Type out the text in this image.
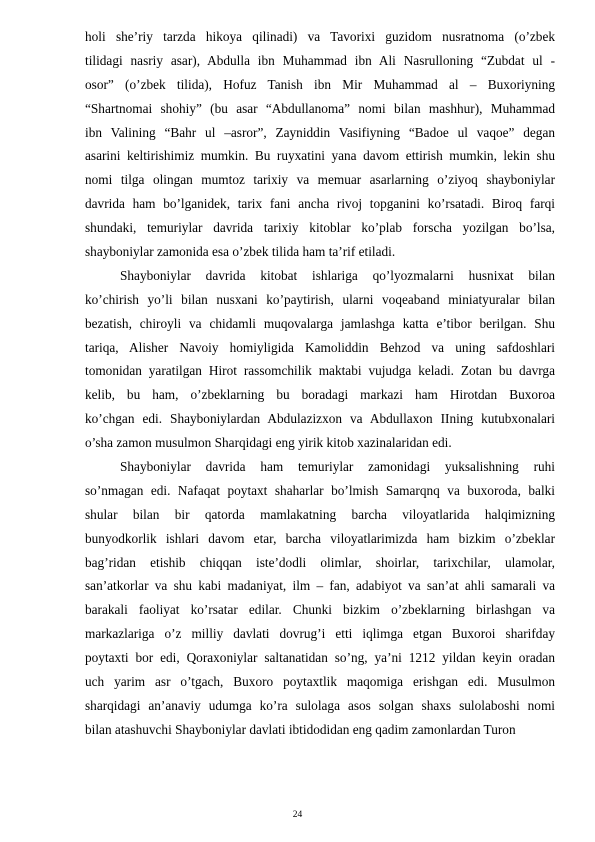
holi she’riy tarzda hikoya qilinadi) va Tavorixi guzidom nusratnoma (o’zbek
tilidagi nasriy asar), Abdulla ibn Muhammad ibn Ali Nasrulloning “Zubdat ul -
osor” (o’zbek tilida), Hofuz Tanish ibn Mir Muhammad al – Buxoriyning
“Shartnomai shohiy” (bu asar “Abdullanoma” nomi bilan mashhur), Muhammad
ibn Valining “Bahr ul –asror”, Zayniddin Vasifiyning “Badoe ul vaqoe” degan
asarini keltirishimiz mumkin. Bu ruyxatini yana davom ettirish mumkin, lekin shu
nomi tilga olingan mumtoz tarixiy va memuar asarlarning o’ziyoq shayboniylar
davrida ham bo’lganidek, tarix fani ancha rivoj topganini ko’rsatadi. Biroq farqi
shundaki, temuriylar davrida tarixiy kitoblar ko’plab forscha yozilgan bo’lsa,
shayboniylar zamonida esa o’zbek tilida ham ta’rif etiladi.
Shayboniylar davrida kitobat ishlariga qo’lyozmalarni husnixat bilan
ko’chirish yo’li bilan nusxani ko’paytirish, ularni voqeaband miniatyuralar bilan
bezatish, chiroyli va chidamli muqovalarga jamlashga katta e’tibor berilgan. Shu
tariqa, Alisher Navoiy homiyligida Kamoliddin Behzod va uning safdoshlari
tomonidan yaratilgan Hirot rassomchilik maktabi vujudga keladi. Zotan bu davrga
kelib, bu ham, o’zbeklarning bu boradagi markazi ham Hirotdan Buxoroa
ko’chgan edi. Shayboniylardan Abdulazizxon va Abdullaxon IIning kutubxonalari
o’sha zamon musulmon Sharqidagi eng yirik kitob xazinalaridan edi.
Shayboniylar davrida ham temuriylar zamonidagi yuksalishning ruhi
so’nmagan edi. Nafaqat poytaxt shaharlar bo’lmish Samarqnq va buxoroda, balki
shular bilan bir qatorda mamlakatning barcha viloyatlarida halqimizning
bunyodkorlik ishlari davom etar, barcha viloyatlarimizda ham bizkim o’zbeklar
bag’ridan etishib chiqqan iste’dodli olimlar, shoirlar, tarixchilar, ulamolar,
san’atkorlar va shu kabi madaniyat, ilm – fan, adabiyot va san’at ahli samarali va
barakali faoliyat ko’rsatar edilar. Chunki bizkim o’zbeklarning birlashgan va
markazlariga o’z milliy davlati dovrug’i etti iqlimga etgan Buxoroi sharifday
poytaxti bor edi, Qoraxoniylar saltanatidan so’ng, ya’ni 1212 yildan keyin oradan
uch yarim asr o’tgach, Buxoro poytaxtlik maqomiga erishgan edi. Musulmon
sharqidagi an’anaviy udumga ko’ra sulolaga asos solgan shaxs sulolaboshi nomi
bilan atashuvchi Shayboniylar davlati ibtidodidan eng qadim zamonlardan Turon
24
